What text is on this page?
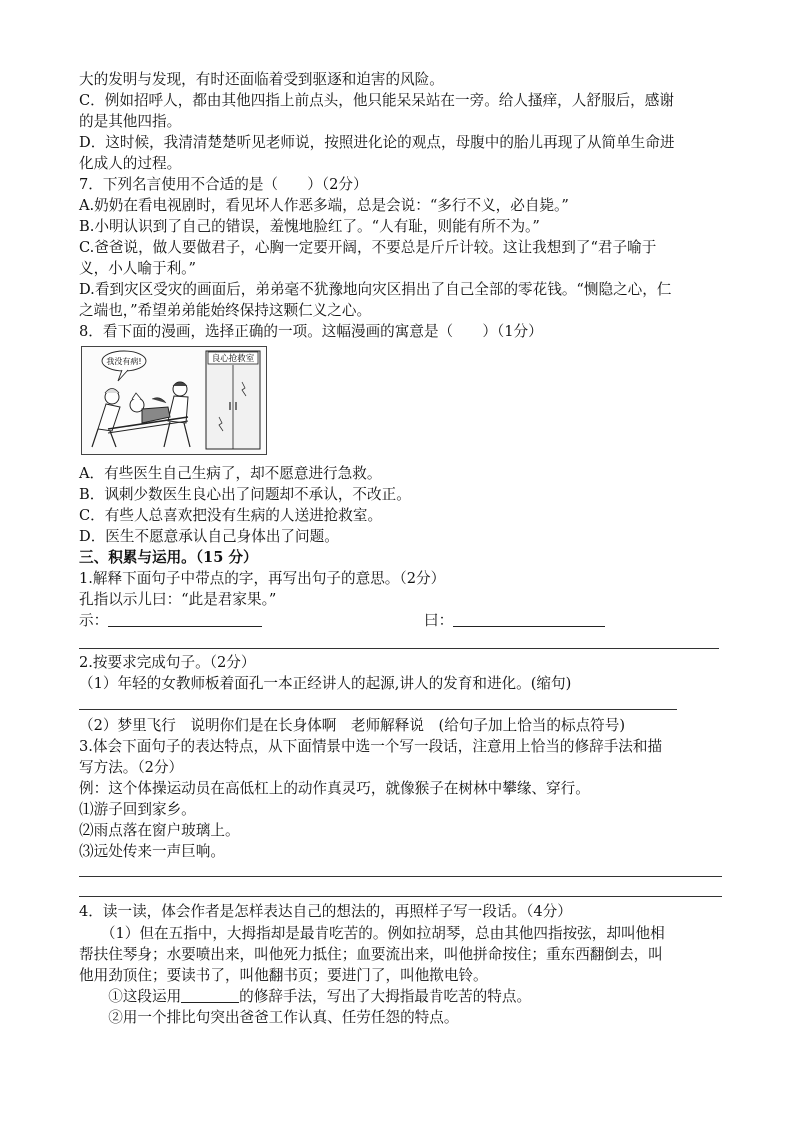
大的发明与发现，有时还面临着受到驱逐和迫害的风险。
C．例如招呼人，都由其他四指上前点头，他只能呆呆站在一旁。给人搔痒，人舒服后，感谢
的是其他四指。
D．这时候，我清清楚楚听见老师说，按照进化论的观点，母腹中的胎儿再现了从简单生命进
化成人的过程。
7．下列名言使用不合适的是（　　）（2分）
A.奶奶在看电视剧时，看见坏人作恶多端，总是会说：“多行不义，必自毙。”
B.小明认识到了自己的错误，羞愧地脸红了。“人有耻，则能有所不为。”
C.爸爸说，做人要做君子，心胸一定要开阔，不要总是斤斤计较。这让我想到了“君子喻于
义，小人喻于利。”
D.看到灾区受灾的画面后，弟弟毫不犹豫地向灾区捐出了自己全部的零花钱。“恻隐之心，仁
之端也，”希望弟弟能始终保持这颗仁义之心。
8．看下面的漫画，选择正确的一项。这幅漫画的寓意是（　　）（1分）
良心抢救室
我没有病!
A．有些医生自己生病了，却不愿意进行急救。
B．讽刺少数医生良心出了问题却不承认，不改正。
C．有些人总喜欢把没有生病的人送进抢救室。
D．医生不愿意承认自己身体出了问题。
三、积累与运用。（15 分）
1.解释下面句子中带点的字，再写出句子的意思。（2分）
孔指以示儿曰：“此是君家果。”
示：	曰：
2.按要求完成句子。（2分）
（1）年轻的女教师板着面孔一本正经讲人的起源,讲人的发育和进化。(缩句)
（2）梦里飞行　说明你们是在长身体啊　老师解释说　(给句子加上恰当的标点符号)
3.体会下面句子的表达特点，从下面情景中选一个写一段话，注意用上恰当的修辞手法和描
写方法。（2分）
例：这个体操运动员在高低杠上的动作真灵巧，就像猴子在树林中攀缘、穿行。
⑴游子回到家乡。
⑵雨点落在窗户玻璃上。
⑶远处传来一声巨响。
4．读一读，体会作者是怎样表达自己的想法的，再照样子写一段话。（4分）
　　（1）但在五指中，大拇指却是最肯吃苦的。例如拉胡琴，总由其他四指按弦，却叫他相
帮扶住琴身；水要喷出来，叫他死力抵住；血要流出来，叫他拼命按住；重东西翻倒去，叫
他用劲顶住；要读书了，叫他翻书页；要进门了，叫他揿电铃。
　　①这段运用	的修辞手法，写出了大拇指最肯吃苦的特点。
　　②用一个排比句突出爸爸工作认真、任劳任怨的特点。
